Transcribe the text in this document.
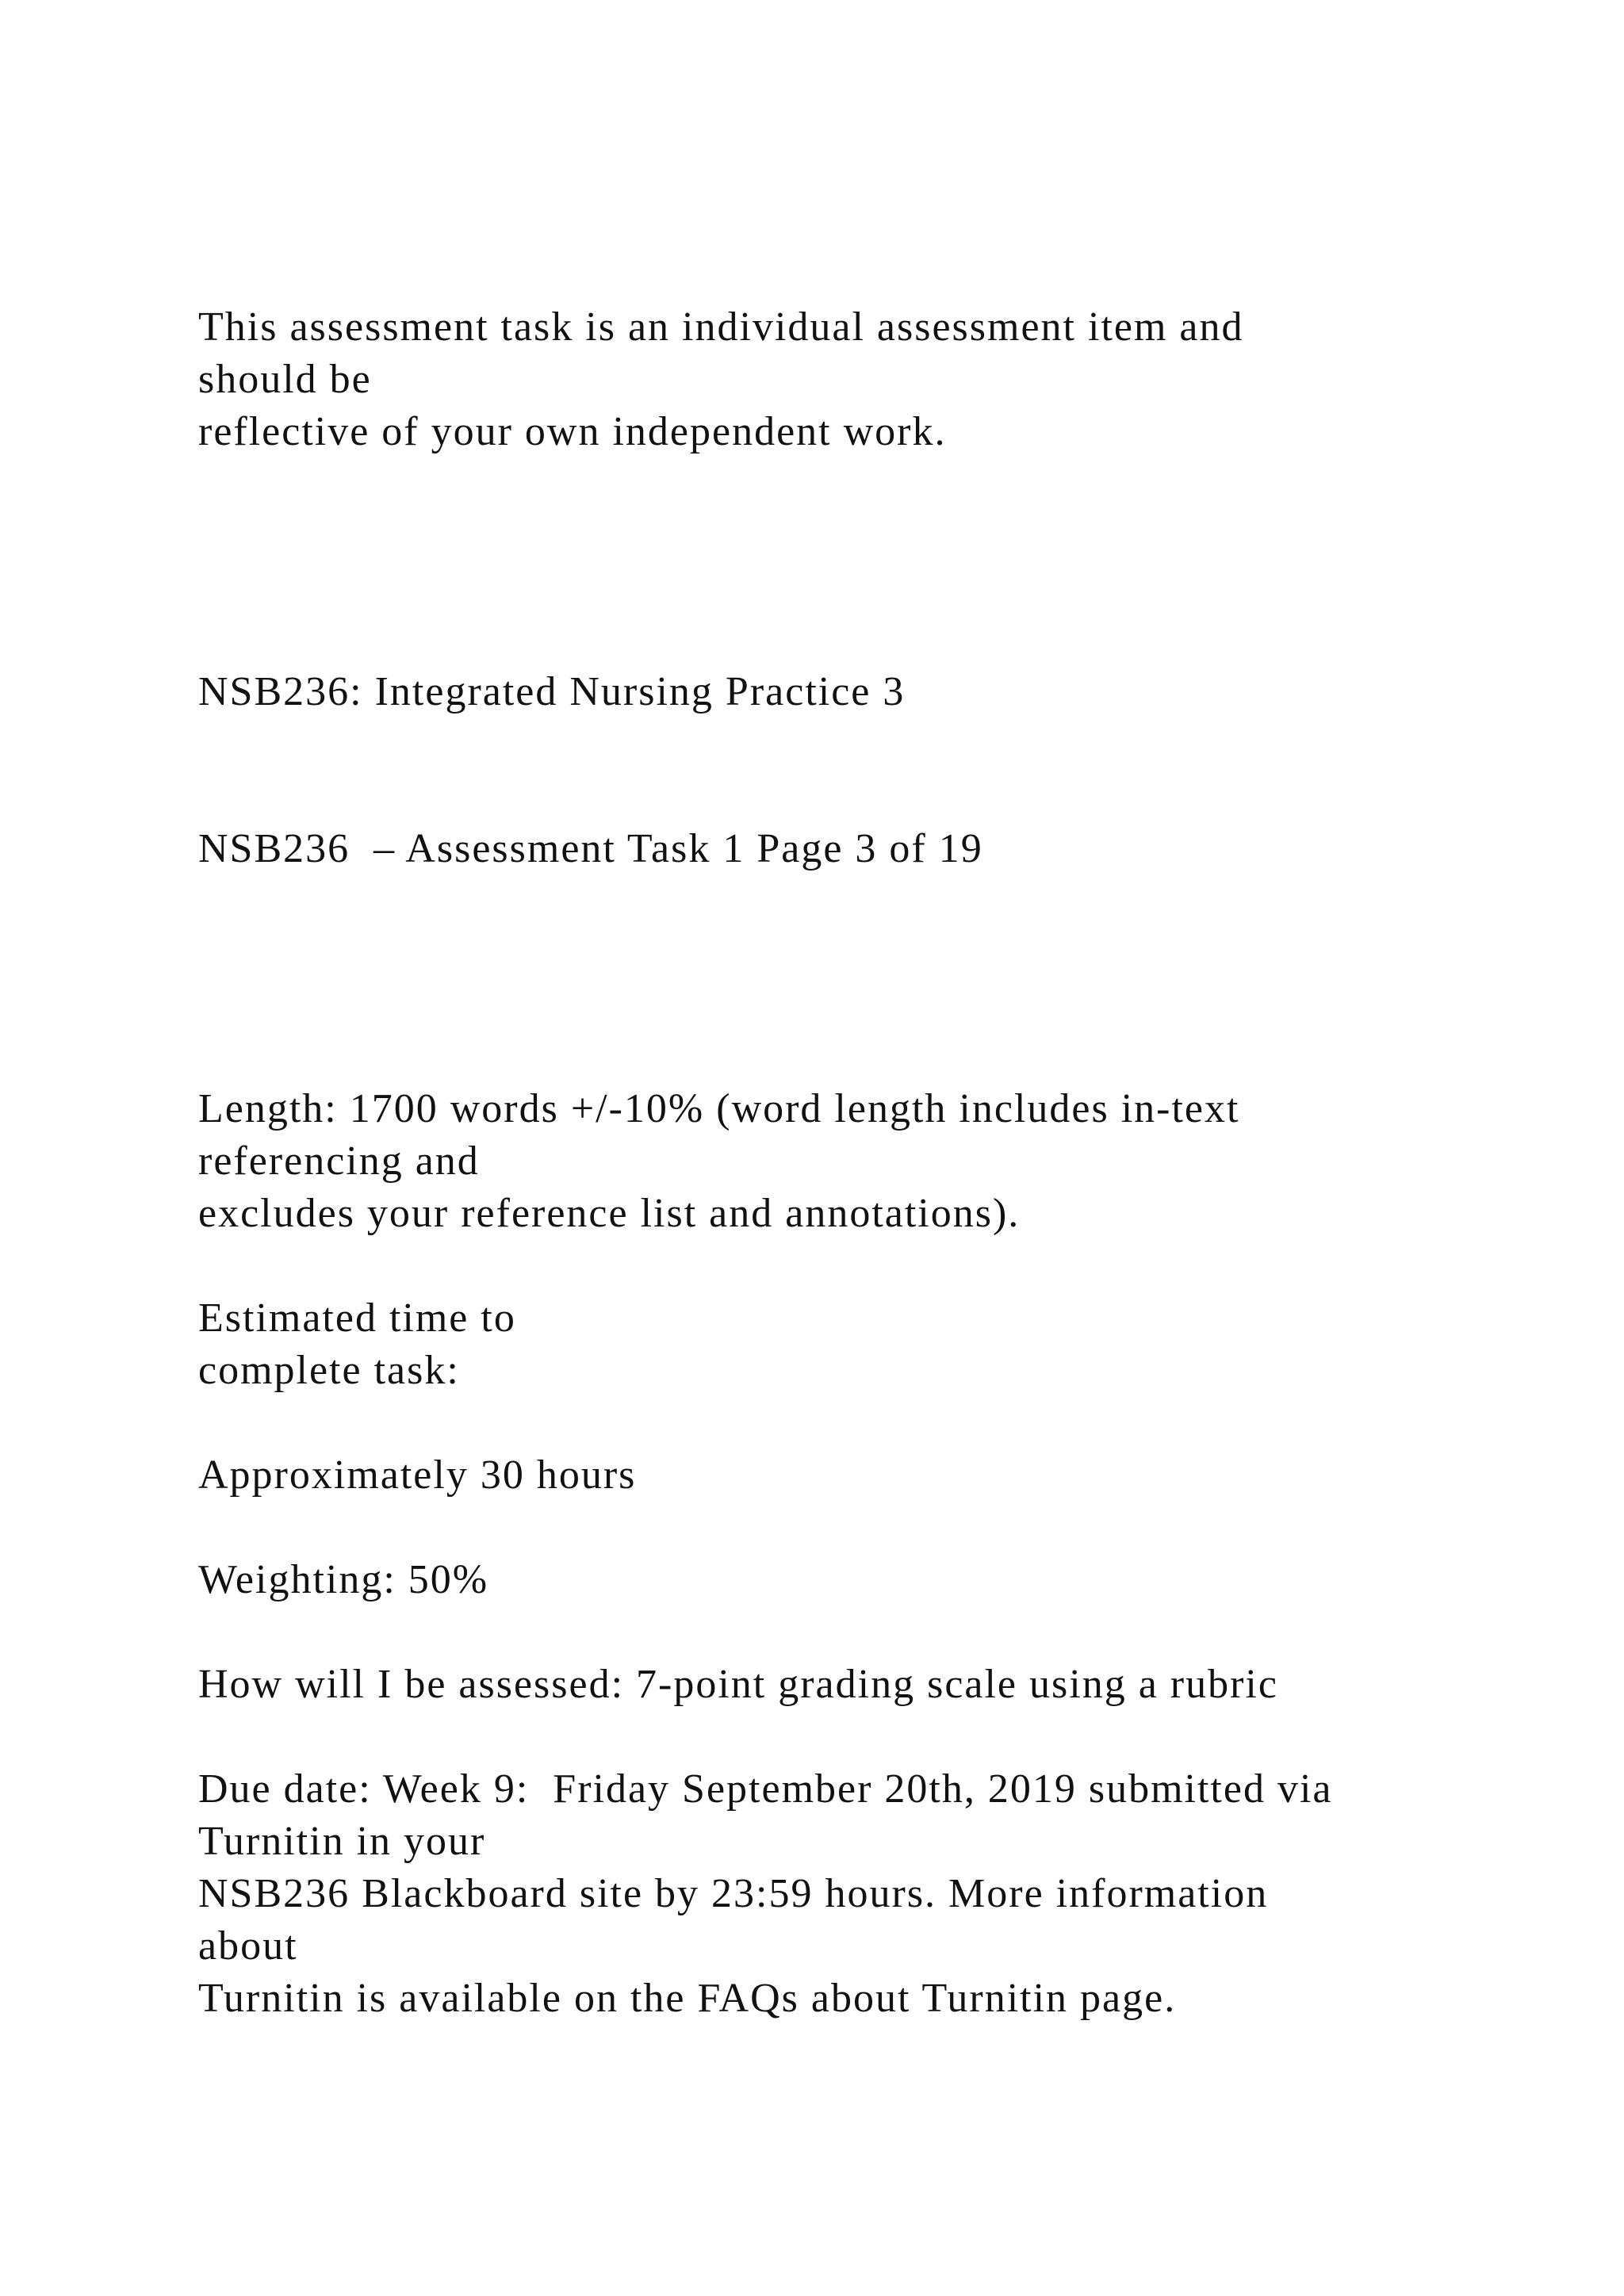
This assessment task is an individual assessment item and
should be
reflective of your own independent work.
NSB236: Integrated Nursing Practice 3
NSB236  – Assessment Task 1 Page 3 of 19
Length: 1700 words +/-10% (word length includes in-text
referencing and
excludes your reference list and annotations).
Estimated time to
complete task:
Approximately 30 hours
Weighting: 50%
How will I be assessed: 7-point grading scale using a rubric
Due date: Week 9:  Friday September 20th, 2019 submitted via
Turnitin in your
NSB236 Blackboard site by 23:59 hours. More information
about
Turnitin is available on the FAQs about Turnitin page.
